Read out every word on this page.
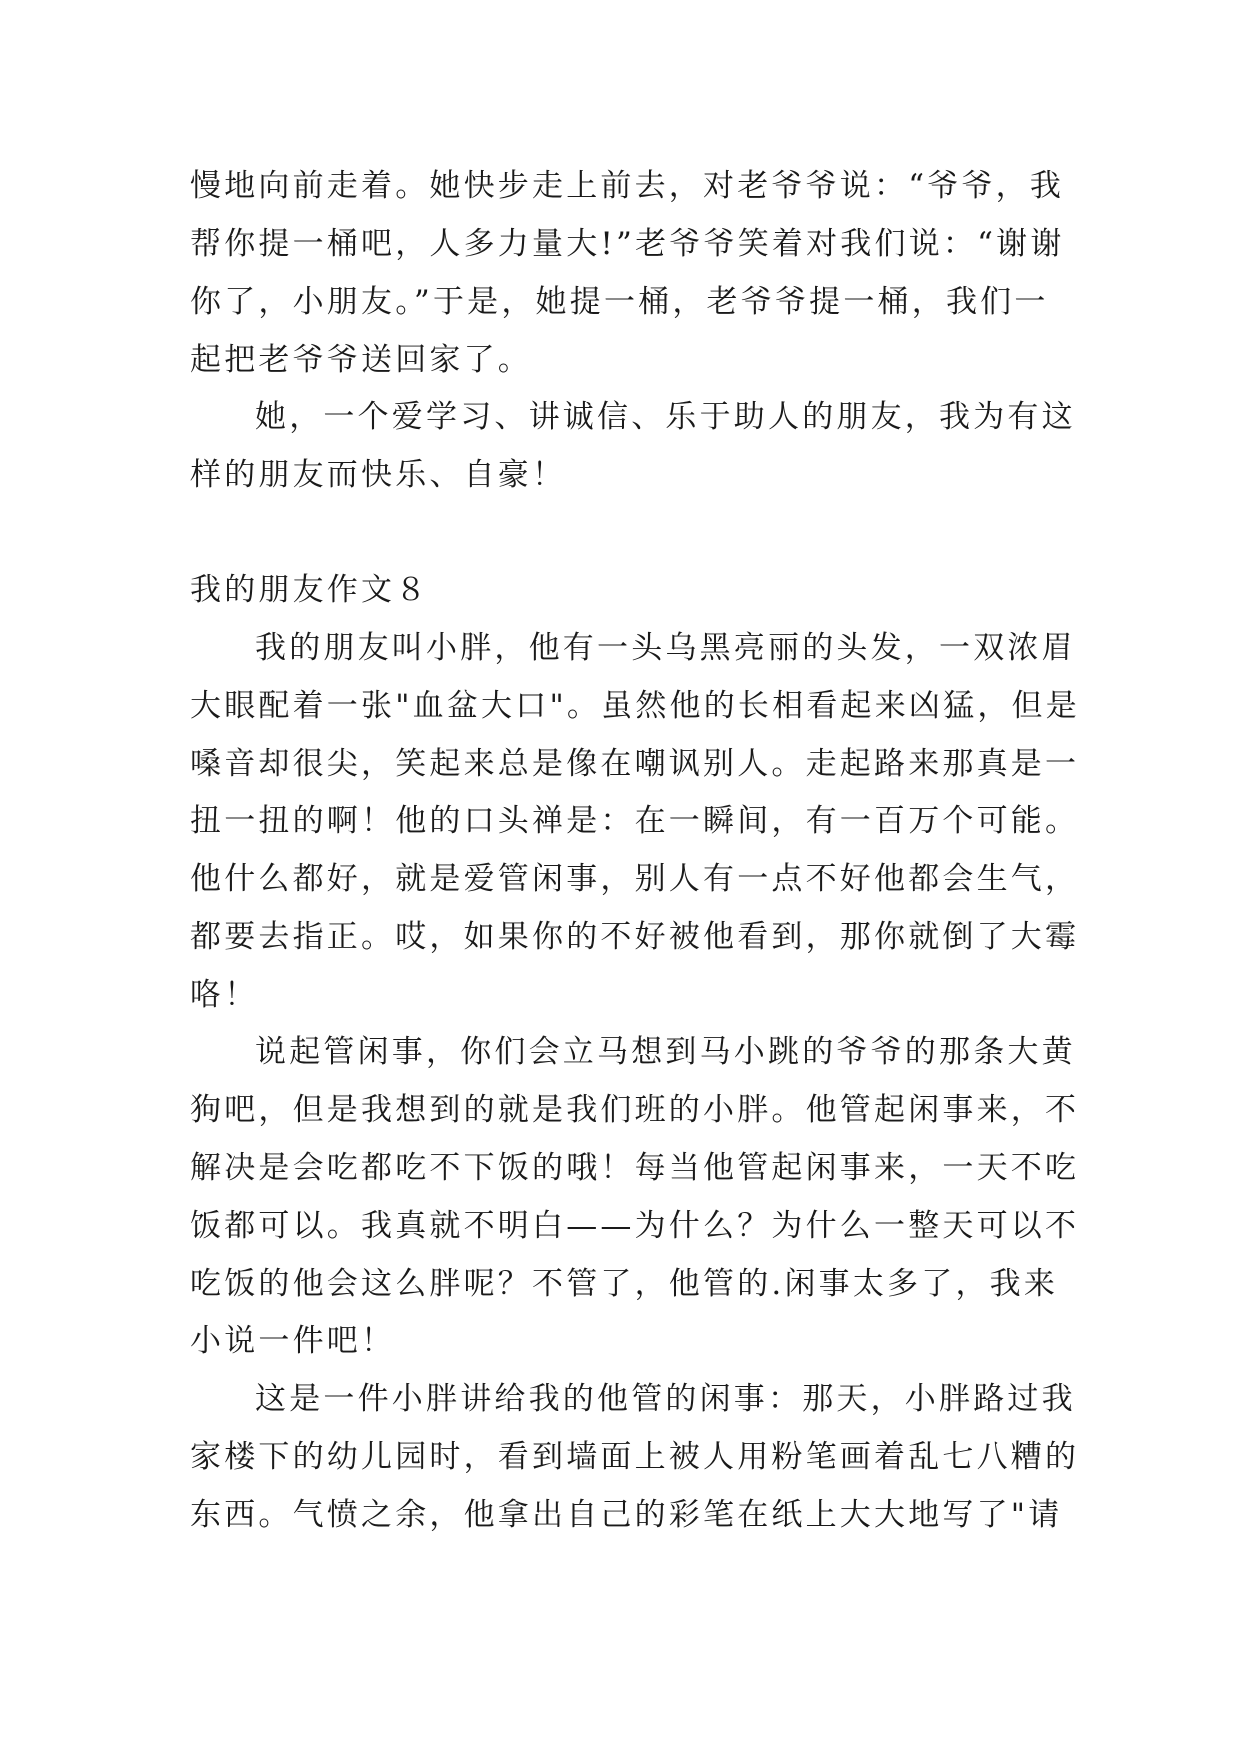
慢地向前走着。她快步走上前去，对老爷爷说：“爷爷，我
帮你提一桶吧，人多力量大!”老爷爷笑着对我们说：“谢谢
你了，小朋友。”于是，她提一桶，老爷爷提一桶，我们一
起把老爷爷送回家了。
她，一个爱学习、讲诚信、乐于助人的朋友，我为有这
样的朋友而快乐、自豪！
我的朋友作文８
我的朋友叫小胖，他有一头乌黑亮丽的头发，一双浓眉
大眼配着一张"血盆大口"。虽然他的长相看起来凶猛，但是
嗓音却很尖，笑起来总是像在嘲讽别人。走起路来那真是一
扭一扭的啊！他的口头禅是：在一瞬间，有一百万个可能。
他什么都好，就是爱管闲事，别人有一点不好他都会生气，
都要去指正。哎，如果你的不好被他看到，那你就倒了大霉
咯！
说起管闲事，你们会立马想到马小跳的爷爷的那条大黄
狗吧，但是我想到的就是我们班的小胖。他管起闲事来，不
解决是会吃都吃不下饭的哦！每当他管起闲事来，一天不吃
饭都可以。我真就不明白——为什么？为什么一整天可以不
吃饭的他会这么胖呢？不管了，他管的.闲事太多了，我来
小说一件吧！
这是一件小胖讲给我的他管的闲事：那天，小胖路过我
家楼下的幼儿园时，看到墙面上被人用粉笔画着乱七八糟的
东西。气愤之余，他拿出自己的彩笔在纸上大大地写了"请
